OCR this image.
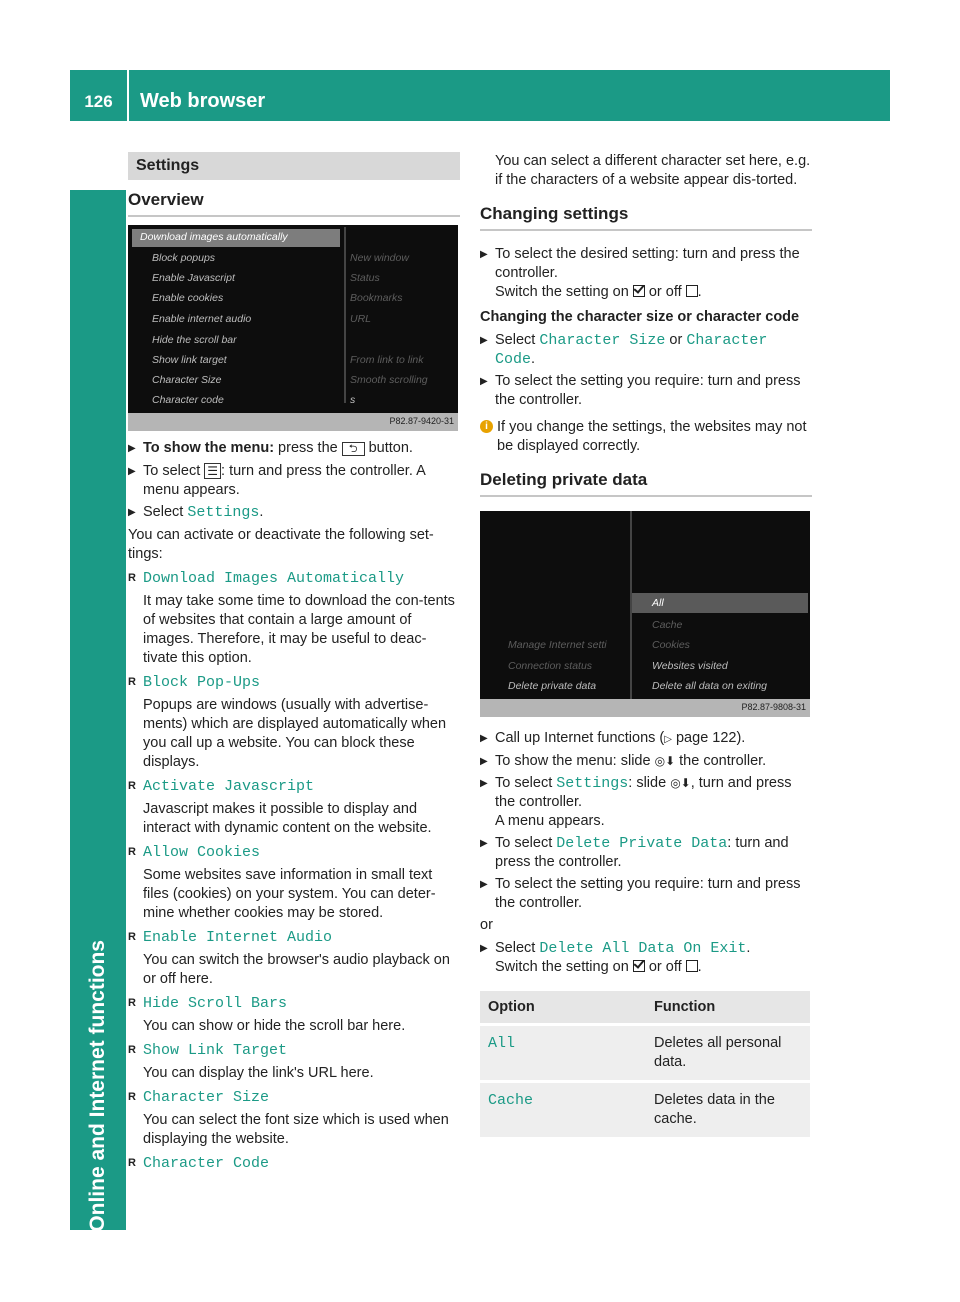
126	Web browser
Online and Internet functions
Settings
Overview
Download images automatically
Block popups
Enable Javascript
Enable cookies
Enable internet audio
Hide the scroll bar
Show link target
Character Size
Character code
New window
Status
Bookmarks
URL
From link to link
Smooth scrolling
s
P82.87-9420-31
▶ To show the menu: press the ⮌ button.
▶ To select ☰ : turn and press the controller. A menu appears.
▶ Select Settings.

You can activate or deactivate the following set-tings:

R Download Images Automatically
It may take some time to download the con-tents of websites that contain a large amount of images. Therefore, it may be useful to deac-tivate this option.
R Block Pop-Ups
Popups are windows (usually with advertise-ments) which are displayed automatically when you call up a website. You can block these displays.
R Activate Javascript
Javascript makes it possible to display and interact with dynamic content on the website.
R Allow Cookies
Some websites save information in small text files (cookies) on your system. You can deter-mine whether cookies may be stored.
R Enable Internet Audio
You can switch the browser's audio playback on or off here.
R Hide Scroll Bars
You can show or hide the scroll bar here.
R Show Link Target
You can display the link's URL here.
R Character Size
You can select the font size which is used when displaying the website.
R Character Code

You can select a different character set here, e.g. if the characters of a website appear dis-torted.

Changing settings
▶ To select the desired setting: turn and press the controller.
Switch the setting on  or off .
Changing the character size or character code
▶ Select Character Size or Character Code.
▶ To select the setting you require: turn and press the controller.
i If you change the settings, the websites may not be displayed correctly.
Deleting private data
Manage Internet setti
Connection status
Delete private data
All
Cache
Cookies
Websites visited
Delete all data on exiting
P82.87-9808-31
▶ Call up Internet functions (▷ page 122).
▶ To show the menu: slide ◎⬇ the controller.
▶ To select Settings: slide ◎⬇, turn and press the controller.
A menu appears.
▶ To select Delete Private Data: turn and press the controller.
▶ To select the setting you require: turn and press the controller.

or

▶ Select Delete All Data On Exit.
Switch the setting on  or off .
Option	Function
All	Deletes all personal data.
Cache	Deletes data in the cache.
